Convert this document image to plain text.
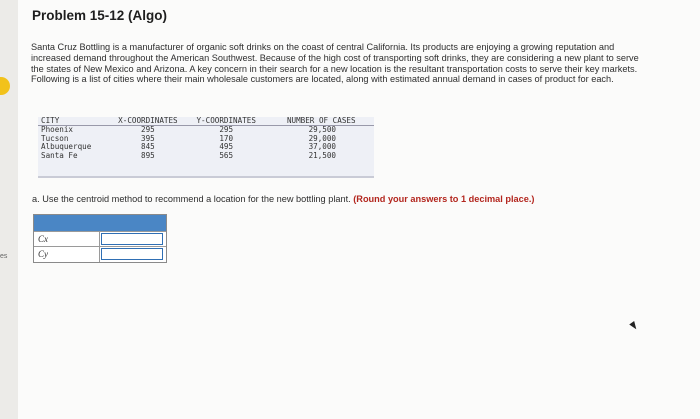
es
Problem 15-12 (Algo)
Santa Cruz Bottling is a manufacturer of organic soft drinks on the coast of central California. Its products are enjoying a growing reputation and increased demand throughout the American Southwest. Because of the high cost of transporting soft drinks, they are considering a new plant to serve the states of New Mexico and Arizona. A key concern in their search for a new location is the resultant transportation costs to serve their key markets. Following is a list of cities where their main wholesale customers are located, along with estimated annual demand in cases of product for each.
CITY	X-COORDINATES	Y-COORDINATES	NUMBER OF CASES
Phoenix	295	295	29,500
Tucson	395	170	29,000
Albuquerque	845	495	37,000
Santa Fe	895	565	21,500
a. Use the centroid method to recommend a location for the new bottling plant. (Round your answers to 1 decimal place.)
Cx
Cy
